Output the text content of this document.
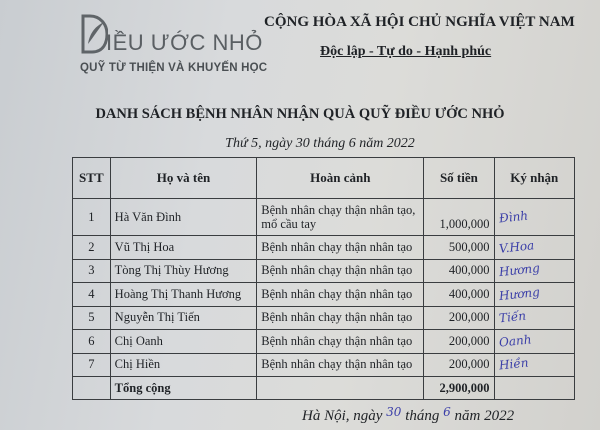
IỀU ƯỚC NHỎ
QUỸ TỪ THIỆN VÀ KHUYẾN HỌC
CỘNG HÒA XÃ HỘI CHỦ NGHĨA VIỆT NAM
Độc lập - Tự do - Hạnh phúc
DANH SÁCH BỆNH NHÂN NHẬN QUÀ QUỸ ĐIỀU ƯỚC NHỎ
Thứ 5, ngày 30 tháng 6 năm 2022
STT	Họ và tên	Hoàn cảnh	Số tiền	Ký nhận
1	Hà Văn Đình	Bệnh nhân chạy thận nhân tạo, mổ cầu tay	1,000,000	Đình
2	Vũ Thị Hoa	Bệnh nhân chạy thận nhân tạo	500,000	V.Hoa
3	Tòng Thị Thùy Hương	Bệnh nhân chạy thận nhân tạo	400,000	Hương
4	Hoàng Thị Thanh Hương	Bệnh nhân chạy thận nhân tạo	400,000	Hương
5	Nguyễn Thị Tiến	Bệnh nhân chạy thận nhân tạo	200,000	Tiến
6	Chị Oanh	Bệnh nhân chạy thận nhân tạo	200,000	Oanh
7	Chị Hiền	Bệnh nhân chạy thận nhân tạo	200,000	Hiền
	Tổng cộng		2,900,000	
Hà Nội, ngày $^{30}$ tháng $^6$ năm 2022
